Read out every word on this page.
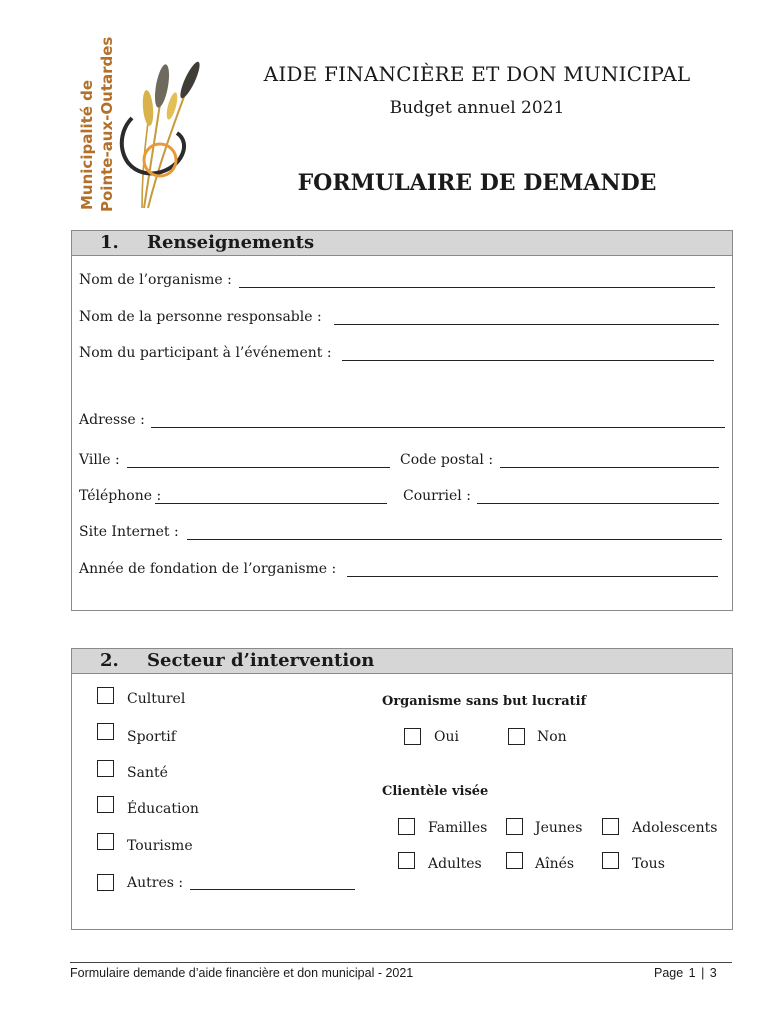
Municipalité de Pointe-aux-Outardes	AIDE FINANCIÈRE ET DON MUNICIPAL
Budget annuel 2021
FORMULAIRE DE DEMANDE
1. Renseignements
Nom de l’organisme :
Nom de la personne responsable :
Nom du participant à l’événement :
Adresse :
Ville :	Code postal :
Téléphone :	Courriel :
Site Internet :
Année de fondation de l’organisme :
2. Secteur d’intervention
Culturel
Sportif
Santé
Éducation
Tourisme
Autres :
Organisme sans but lucratif
Oui	Non
Clientèle visée
Familles	Jeunes	Adolescents
Adultes	Aînés	Tous
Formulaire demande d’aide financière et don municipal - 2021	Page 1 | 3
